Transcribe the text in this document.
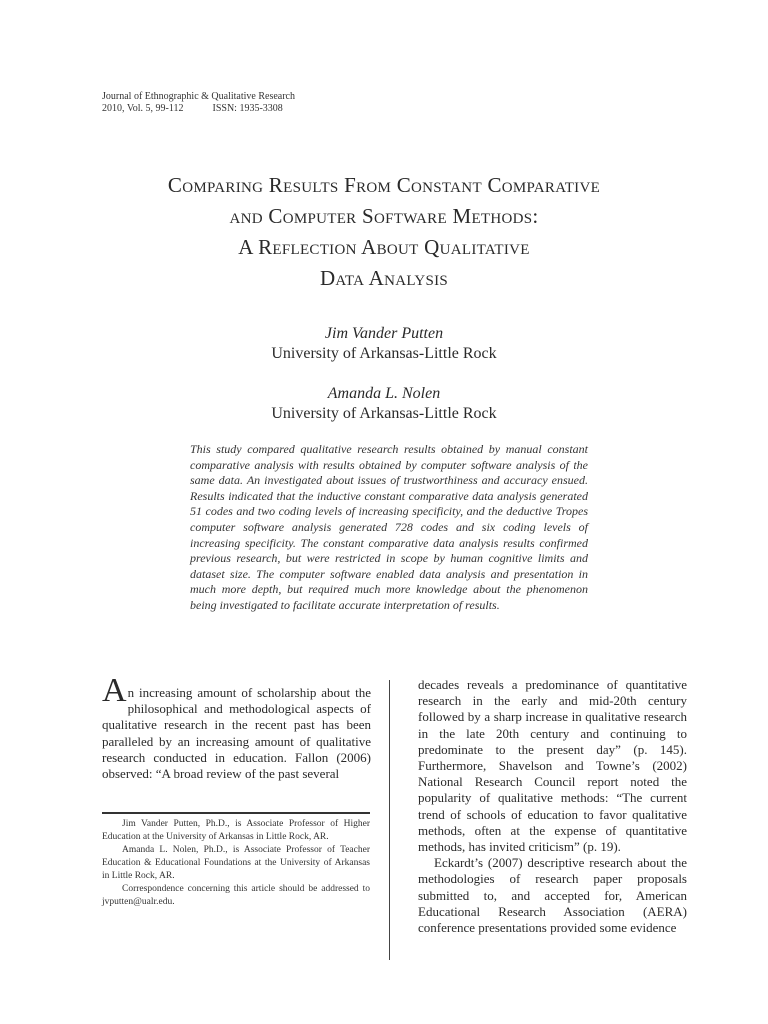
Journal of Ethnographic & Qualitative Research
2010, Vol. 5, 99-112	ISSN: 1935-3308
Comparing Results From Constant Comparative
and Computer Software Methods:
A Reflection About Qualitative
Data Analysis
Jim Vander Putten
University of Arkansas-Little Rock
Amanda L. Nolen
University of Arkansas-Little Rock
This study compared qualitative research results obtained by manual constant comparative analysis with results obtained by computer software analysis of the same data. An investigated about issues of trustworthiness and accuracy ensued. Results indicated that the inductive constant comparative data analysis generated 51 codes and two coding levels of increasing specificity, and the deductive Tropes computer software analysis generated 728 codes and six coding levels of increasing specificity. The constant comparative data analysis results confirmed previous research, but were restricted in scope by human cognitive limits and dataset size. The computer software enabled data analysis and presentation in much more depth, but required much more knowledge about the phenomenon being investigated to facilitate accurate interpretation of results.

An increasing amount of scholarship about the philosophical and methodological aspects of qualitative research in the recent past has been paralleled by an increasing amount of qualitative research conducted in education. Fallon (2006) observed: “A broad review of the past several

Jim Vander Putten, Ph.D., is Associate Professor of Higher Education at the University of Arkansas in Little Rock, AR.

Amanda L. Nolen, Ph.D., is Associate Professor of Teacher Education & Educational Foundations at the University of Arkansas in Little Rock, AR.

Correspondence concerning this article should be addressed to jvputten@ualr.edu.

decades reveals a predominance of quantitative research in the early and mid-20th century followed by a sharp increase in qualitative research in the late 20th century and continuing to predominate to the present day” (p. 145). Furthermore, Shavelson and Towne’s (2002) National Research Council report noted the popularity of qualitative methods: “The current trend of schools of education to favor qualitative methods, often at the expense of quantitative methods, has invited criticism” (p. 19).

Eckardt’s (2007) descriptive research about the methodologies of research paper proposals submitted to, and accepted for, American Educational Research Association (AERA) conference presentations provided some evidence
